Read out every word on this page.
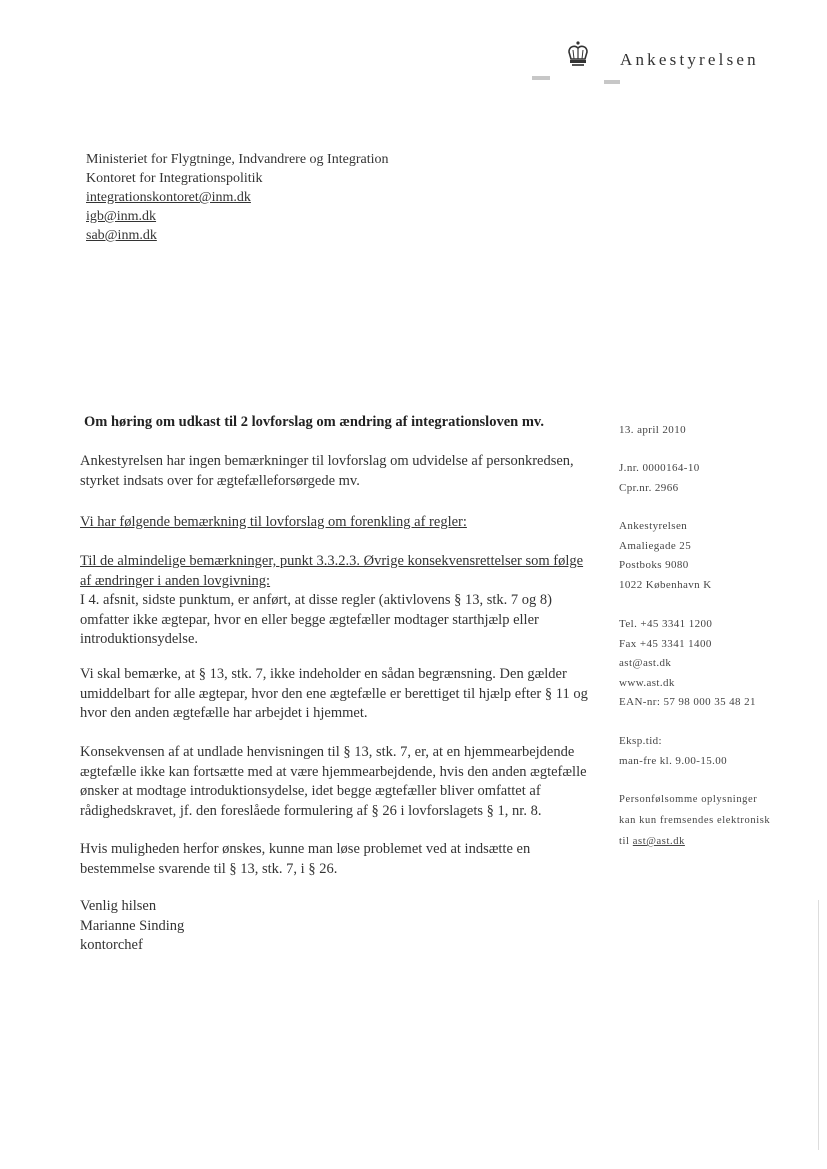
Ankestyrelsen
Ministeriet for Flygtninge, Indvandrere og Integration
Kontoret for Integrationspolitik
integrationskontoret@inm.dk
igb@inm.dk
sab@inm.dk
Om høring om udkast til 2 lovforslag om ændring af integrationsloven mv.

Ankestyrelsen har ingen bemærkninger til lovforslag om udvidelse af personkredsen, styrket indsats over for ægtefælleforsørgede mv.

Vi har følgende bemærkning til lovforslag om forenkling af regler:
Til de almindelige bemærkninger, punkt 3.3.2.3. Øvrige konsekvensrettelser som følge af ændringer i anden lovgivning:
I 4. afsnit, sidste punktum, er anført, at disse regler (aktivlovens § 13, stk. 7 og 8) omfatter ikke ægtepar, hvor en eller begge ægtefæller modtager starthjælp eller introduktionsydelse.
Vi skal bemærke, at § 13, stk. 7, ikke indeholder en sådan begrænsning. Den gælder umiddelbart for alle ægtepar, hvor den ene ægtefælle er berettiget til hjælp efter § 11 og hvor den anden ægtefælle har arbejdet i hjemmet.
Konsekvensen af at undlade henvisningen til § 13, stk. 7, er, at en hjemmearbejdende ægtefælle ikke kan fortsætte med at være hjemmearbejdende, hvis den anden ægtefælle ønsker at modtage introduktionsydelse, idet begge ægtefæller bliver omfattet af rådighedskravet, jf. den foreslåede formulering af § 26 i lovforslagets § 1, nr. 8.
Hvis muligheden herfor ønskes, kunne man løse problemet ved at indsætte en bestemmelse svarende til § 13, stk. 7, i § 26.
Venlig hilsen
Marianne Sinding
kontorchef
13. april 2010
J.nr. 0000164-10
Cpr.nr. 2966
Ankestyrelsen
Amaliegade 25
Postboks 9080
1022 København K
Tel. +45 3341 1200
Fax +45 3341 1400
ast@ast.dk
www.ast.dk
EAN-nr: 57 98 000 35 48 21
Eksp.tid:
man-fre kl. 9.00-15.00
Personfølsomme oplysninger
kan kun fremsendes elektronisk
til ast@ast.dk
